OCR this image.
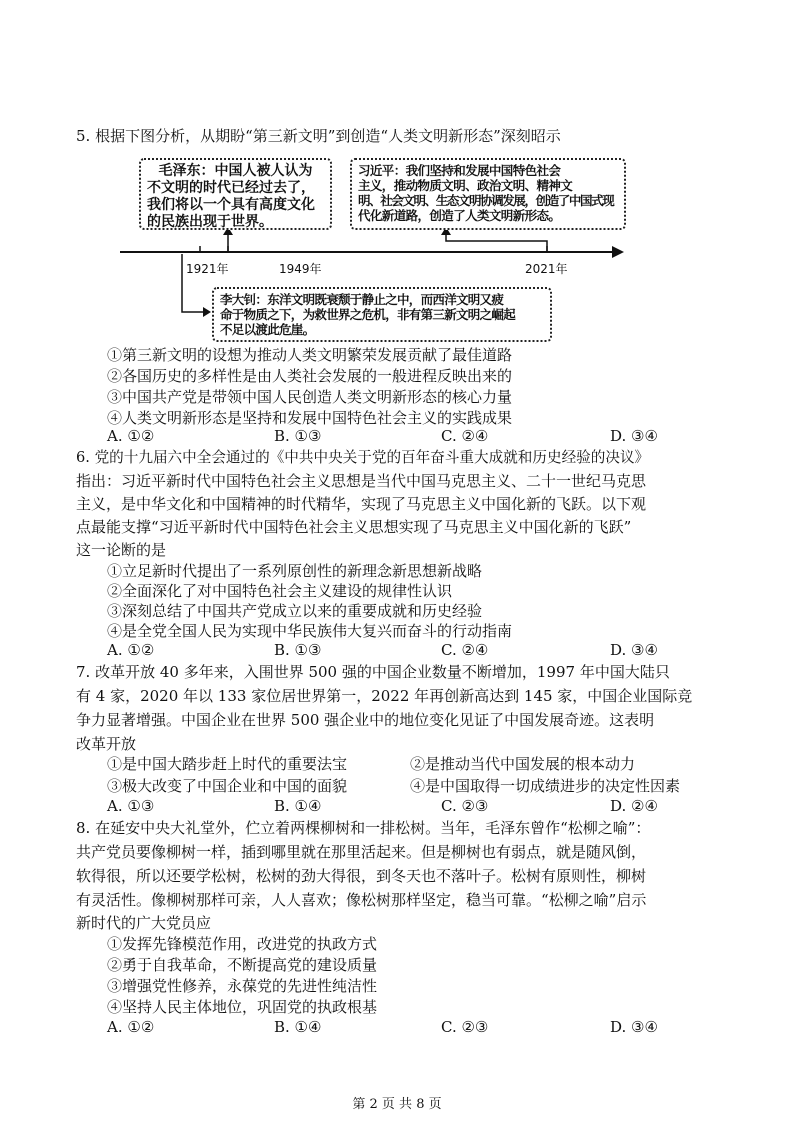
5. 根据下图分析，从期盼“第三新文明”到创造“人类文明新形态”深刻昭示
毛泽东：中国人被人认为
不文明的时代已经过去了，
我们将以一个具有高度文化
的民族出现于世界。
习近平：我们坚持和发展中国特色社会
主义，推动物质文明、政治文明、精神文
明、社会文明、生态文明协调发展，创造了中国式现
代化新道路，创造了人类文明新形态。
李大钊：东洋文明既衰颓于静止之中，而西洋文明又疲
命于物质之下，为救世界之危机，非有第三新文明之崛起
不足以渡此危崖。
1921年	1949年	2021年
①第三新文明的设想为推动人类文明繁荣发展贡献了最佳道路
②各国历史的多样性是由人类社会发展的一般进程反映出来的
③中国共产党是带领中国人民创造人类文明新形态的核心力量
④人类文明新形态是坚持和发展中国特色社会主义的实践成果
A. ①②	B. ①③	C. ②④	D. ③④
6. 党的十九届六中全会通过的《中共中央关于党的百年奋斗重大成就和历史经验的决议》
指出：习近平新时代中国特色社会主义思想是当代中国马克思主义、二十一世纪马克思
主义，是中华文化和中国精神的时代精华，实现了马克思主义中国化新的飞跃。以下观
点最能支撑“习近平新时代中国特色社会主义思想实现了马克思主义中国化新的飞跃”
这一论断的是
①立足新时代提出了一系列原创性的新理念新思想新战略
②全面深化了对中国特色社会主义建设的规律性认识
③深刻总结了中国共产党成立以来的重要成就和历史经验
④是全党全国人民为实现中华民族伟大复兴而奋斗的行动指南
A. ①②	B. ①③	C. ②④	D. ③④
7. 改革开放 40 多年来，入围世界 500 强的中国企业数量不断增加，1997 年中国大陆只
有 4 家，2020 年以 133 家位居世界第一，2022 年再创新高达到 145 家，中国企业国际竞
争力显著增强。中国企业在世界 500 强企业中的地位变化见证了中国发展奇迹。这表明
改革开放
①是中国大踏步赶上时代的重要法宝	②是推动当代中国发展的根本动力
③极大改变了中国企业和中国的面貌	④是中国取得一切成绩进步的决定性因素
A. ①③	B. ①④	C. ②③	D. ②④
8. 在延安中央大礼堂外，伫立着两棵柳树和一排松树。当年，毛泽东曾作“松柳之喻”：
共产党员要像柳树一样，插到哪里就在那里活起来。但是柳树也有弱点，就是随风倒，
软得很，所以还要学松树，松树的劲大得很，到冬天也不落叶子。松树有原则性，柳树
有灵活性。像柳树那样可亲，人人喜欢；像松树那样坚定，稳当可靠。“松柳之喻”启示
新时代的广大党员应
①发挥先锋模范作用，改进党的执政方式
②勇于自我革命，不断提高党的建设质量
③增强党性修养，永葆党的先进性纯洁性
④坚持人民主体地位，巩固党的执政根基
A. ①②	B. ①④	C. ②③	D. ③④
第 2 页 共 8 页
